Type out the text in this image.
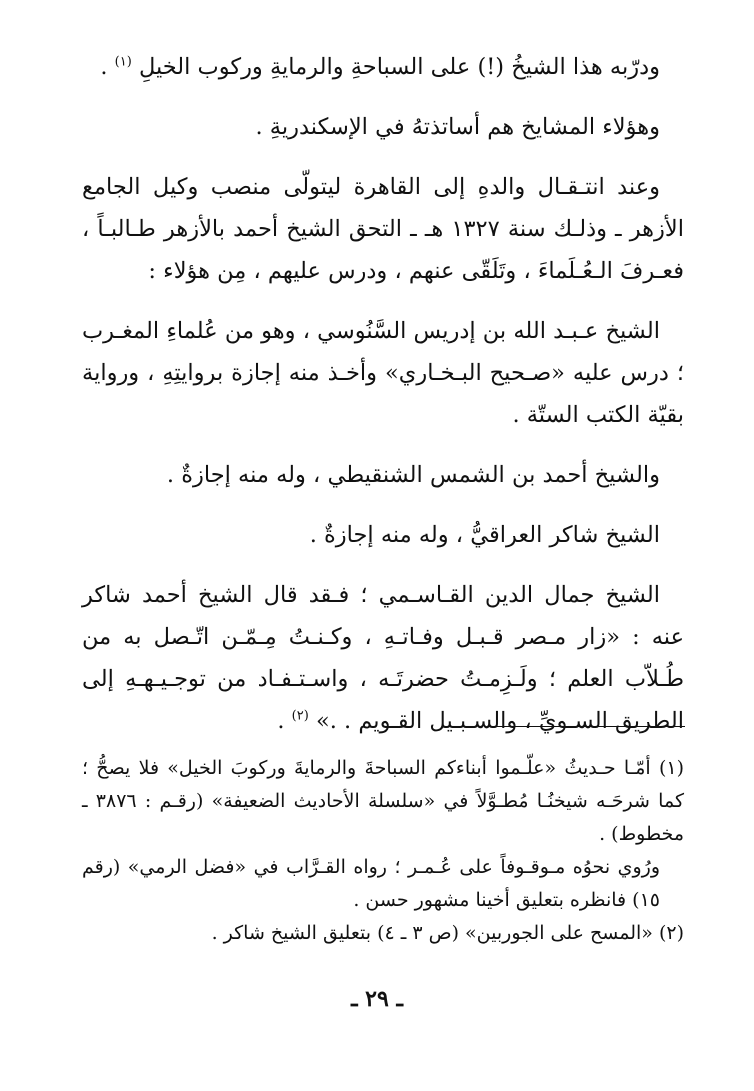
ودرّبه هذا الشيخُ (!) على السباحةِ والرمايةِ وركوب الخيلِ $^{(١)}$ .

وهؤلاء المشايخ هم أساتذتهُ في الإسكندريةِ .

وعند انتـقـال والدهِ إلى القاهرة ليتولّى منصب وكيل الجامع الأزهر ـ وذلـك سنة ١٣٢٧ هـ ـ التحق الشيخ أحمد بالأزهر طـالبـاً ، فعـرفَ الـعُـلَماءَ ، وتَلَقّى عنهم ، ودرس عليهم ، مِن هؤلاء :

الشيخ عـبـد الله بن إدريس السَّنُوسي ، وهو من عُلماءِ المغـرب ؛ درس عليه «صـحيح البـخـاري» وأخـذ منه إجازة بروايتِهِ ، ورواية بقيّة الكتب الستّة .

والشيخ أحمد بن الشمس الشنقيطي ، وله منه إجازةٌ .

الشيخ شاكر العراقيُّ ، وله منه إجازةٌ .

الشيخ جمال الدين القـاسـمي ؛ فـقد قال الشيخ أحمد شاكر عنه : «زار مـصر قـبـل وفـاتـهِ ، وكـنـتُ مِـمّـن اتّـصل به من طُـلاّب العلم ؛ ولَـزِمـتُ حضرتَـه ، واسـتـفـاد من توجـيـهـهِ إلى الطريق السـويِّ ، والسـبـيل القـويم . .» $^{(٢)}$ .

(١) أمّـا حـديثُ «علّـموا أبناءكم السباحةَ والرمايةَ وركوبَ الخيل» فلا يصحُّ ؛ كما شرحَـه شيخنُـا مُطـوَّلاً في «سلسلة الأحاديث الضعيفة» (رقـم : ٣٨٧٦ ـ مخطوط) .

ورُوي نحوُه مـوقـوفاً على عُـمـر ؛ رواه القـرَّاب في «فضل الرمي» (رقم ١٥) فانظره بتعليق أخينا مشهور حسن .

(٢) «المسح على الجوربين» (ص ٣ ـ ٤) بتعليق الشيخ شاكر .

ـ ٢٩ ـ
